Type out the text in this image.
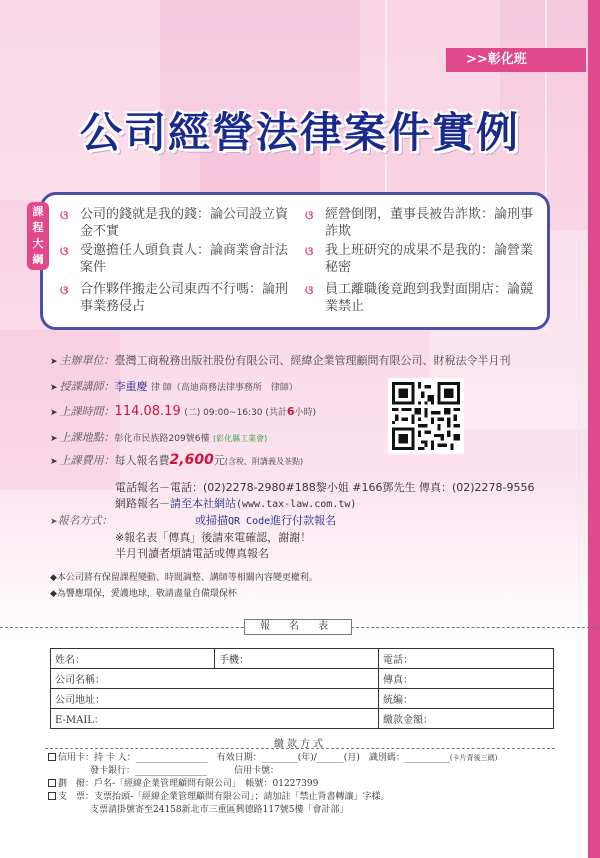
>>彰化班
公司經營法律案件實例
課
程
大
綱
ଓ 公司的錢就是我的錢：論公司設立資金不實
ଓ 經營倒閉，董事長被告詐欺：論刑事詐欺
ଓ 受邀擔任人頭負責人：論商業會計法案件
ଓ 我上班研究的成果不是我的：論營業秘密
ଓ 合作夥伴搬走公司東西不行嗎：論刑事業務侵占
ଓ 員工離職後竟跑到我對面開店：論競業禁止
➤ 主辦單位：臺灣工商稅務出版社股份有限公司、經緯企業管理顧問有限公司、財稅法令半月刊
➤ 授課講師：李重慶 律 師（高迪商務法律事務所　律師）
➤ 上課時間：114.08.19 (二) 09:00~16:30 (共計6小時)
➤ 上課地點：彰化市民族路209號6樓 (彰化縣工業會)
➤ 上課費用：每人報名費2,600元(含稅、附講義及茶點)
➤報名方式：
電話報名－電話：(02)2278-2980#188黎小姐 #166鄧先生 傳真：(02)2278-9556
網路報名－請至本社網站(www.tax-law.com.tw)
或掃描QR Code進行付款報名
※報名表「傳真」後請來電確認，謝謝！
半月刊讀者煩請電話或傳真報名
◆本公司將有保留課程變動、時間調整、講師等相關內容變更權利。
◆為響應環保，愛護地球，敬請盡量自備環保杯
報 名 表
姓名：	手機：	電話：
公司名稱：		傳真：
公司地址：		統編：
E-MAIL：		繳款金額：
繳款方式
信用卡：持 卡 人：________________　有效日期：________(年)/______(月)　 識別碼：__________(卡片背後三碼)
發卡銀行：________________　　　信用卡號：
劃　撥：戶名-「經緯企業管理顧問有限公司」　帳號：01227399
支　票：支票抬頭-「經緯企業管理顧問有限公司」；請加註「禁止背書轉讓」字樣。
支票請掛號寄至24158新北市三重區興德路117號5樓「會計部」
